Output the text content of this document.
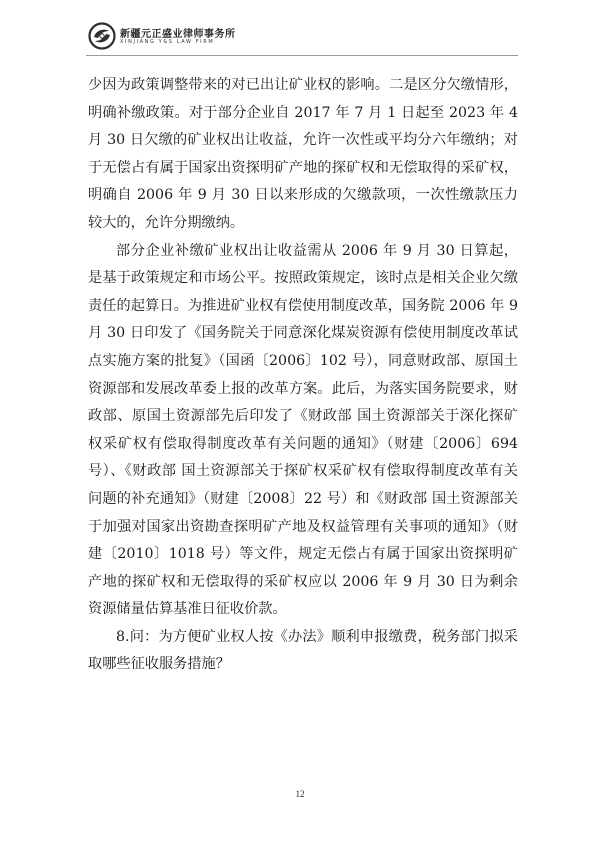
新疆元正盛业律师事务所
XINJIANG Y&S LAW FIRM

少因为政策调整带来的对已出让矿业权的影响。二是区分欠缴情形，明确补缴政策。对于部分企业自 2017 年 7 月 1 日起至 2023 年 4 月 30 日欠缴的矿业权出让收益，允许一次性或平均分六年缴纳；对于无偿占有属于国家出资探明矿产地的探矿权和无偿取得的采矿权，明确自 2006 年 9 月 30 日以来形成的欠缴款项，一次性缴款压力较大的，允许分期缴纳。

部分企业补缴矿业权出让收益需从 2006 年 9 月 30 日算起，是基于政策规定和市场公平。按照政策规定，该时点是相关企业欠缴责任的起算日。为推进矿业权有偿使用制度改革，国务院 2006 年 9 月 30 日印发了《国务院关于同意深化煤炭资源有偿使用制度改革试点实施方案的批复》（国函〔2006〕102 号），同意财政部、原国土资源部和发展改革委上报的改革方案。此后，为落实国务院要求，财政部、原国土资源部先后印发了《财政部 国土资源部关于深化探矿权采矿权有偿取得制度改革有关问题的通知》（财建〔2006〕694 号）、《财政部 国土资源部关于探矿权采矿权有偿取得制度改革有关问题的补充通知》（财建〔2008〕22 号）和《财政部 国土资源部关于加强对国家出资勘查探明矿产地及权益管理有关事项的通知》（财建〔2010〕1018 号）等文件，规定无偿占有属于国家出资探明矿产地的探矿权和无偿取得的采矿权应以 2006 年 9 月 30 日为剩余资源储量估算基准日征收价款。

8.问：为方便矿业权人按《办法》顺利申报缴费，税务部门拟采取哪些征收服务措施？

12
